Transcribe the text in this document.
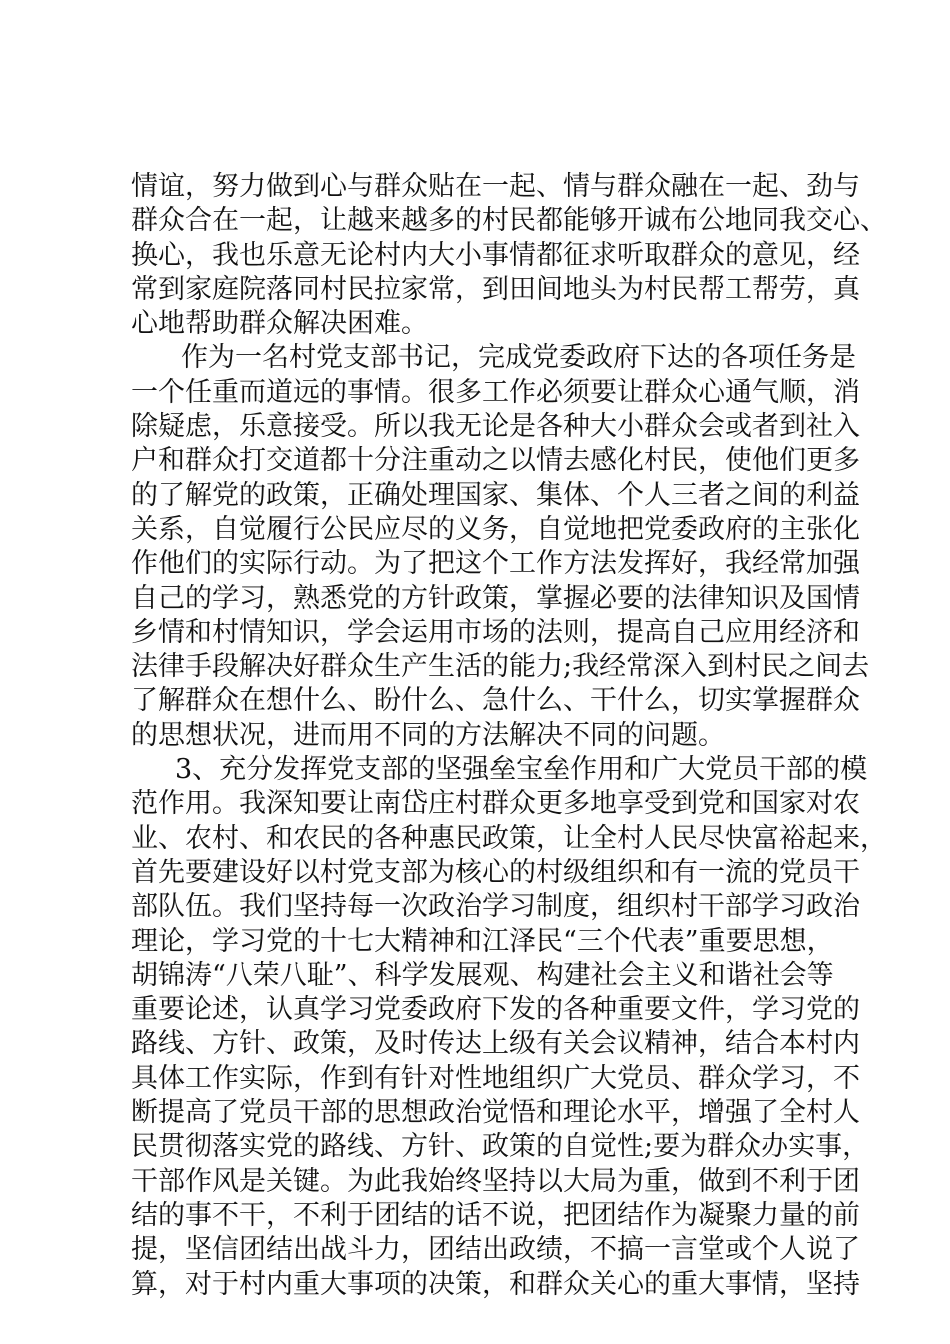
情谊，努力做到心与群众贴在一起、情与群众融在一起、劲与
群众合在一起，让越来越多的村民都能够开诚布公地同我交心、
换心，我也乐意无论村内大小事情都征求听取群众的意见，经
常到家庭院落同村民拉家常，到田间地头为村民帮工帮劳，真
心地帮助群众解决困难。
作为一名村党支部书记，完成党委政府下达的各项任务是
一个任重而道远的事情。很多工作必须要让群众心通气顺，消
除疑虑，乐意接受。所以我无论是各种大小群众会或者到社入
户和群众打交道都十分注重动之以情去感化村民，使他们更多
的了解党的政策，正确处理国家、集体、个人三者之间的利益
关系，自觉履行公民应尽的义务，自觉地把党委政府的主张化
作他们的实际行动。为了把这个工作方法发挥好，我经常加强
自己的学习，熟悉党的方针政策，掌握必要的法律知识及国情
乡情和村情知识，学会运用市场的法则，提高自己应用经济和
法律手段解决好群众生产生活的能力;我经常深入到村民之间去
了解群众在想什么、盼什么、急什么、干什么，切实掌握群众
的思想状况，进而用不同的方法解决不同的问题。
3、充分发挥党支部的坚强垒宝垒作用和广大党员干部的模
范作用。我深知要让南岱庄村群众更多地享受到党和国家对农
业、农村、和农民的各种惠民政策，让全村人民尽快富裕起来，
首先要建设好以村党支部为核心的村级组织和有一流的党员干
部队伍。我们坚持每一次政治学习制度，组织村干部学习政治
理论，学习党的十七大精神和江泽民“三个代表”重要思想，
胡锦涛“八荣八耻”、科学发展观、构建社会主义和谐社会等
重要论述，认真学习党委政府下发的各种重要文件，学习党的
路线、方针、政策，及时传达上级有关会议精神，结合本村内
具体工作实际，作到有针对性地组织广大党员、群众学习，不
断提高了党员干部的思想政治觉悟和理论水平，增强了全村人
民贯彻落实党的路线、方针、政策的自觉性;要为群众办实事，
干部作风是关键。为此我始终坚持以大局为重，做到不利于团
结的事不干，不利于团结的话不说，把团结作为凝聚力量的前
提，坚信团结出战斗力，团结出政绩，不搞一言堂或个人说了
算，对于村内重大事项的决策，和群众关心的重大事情，坚持
